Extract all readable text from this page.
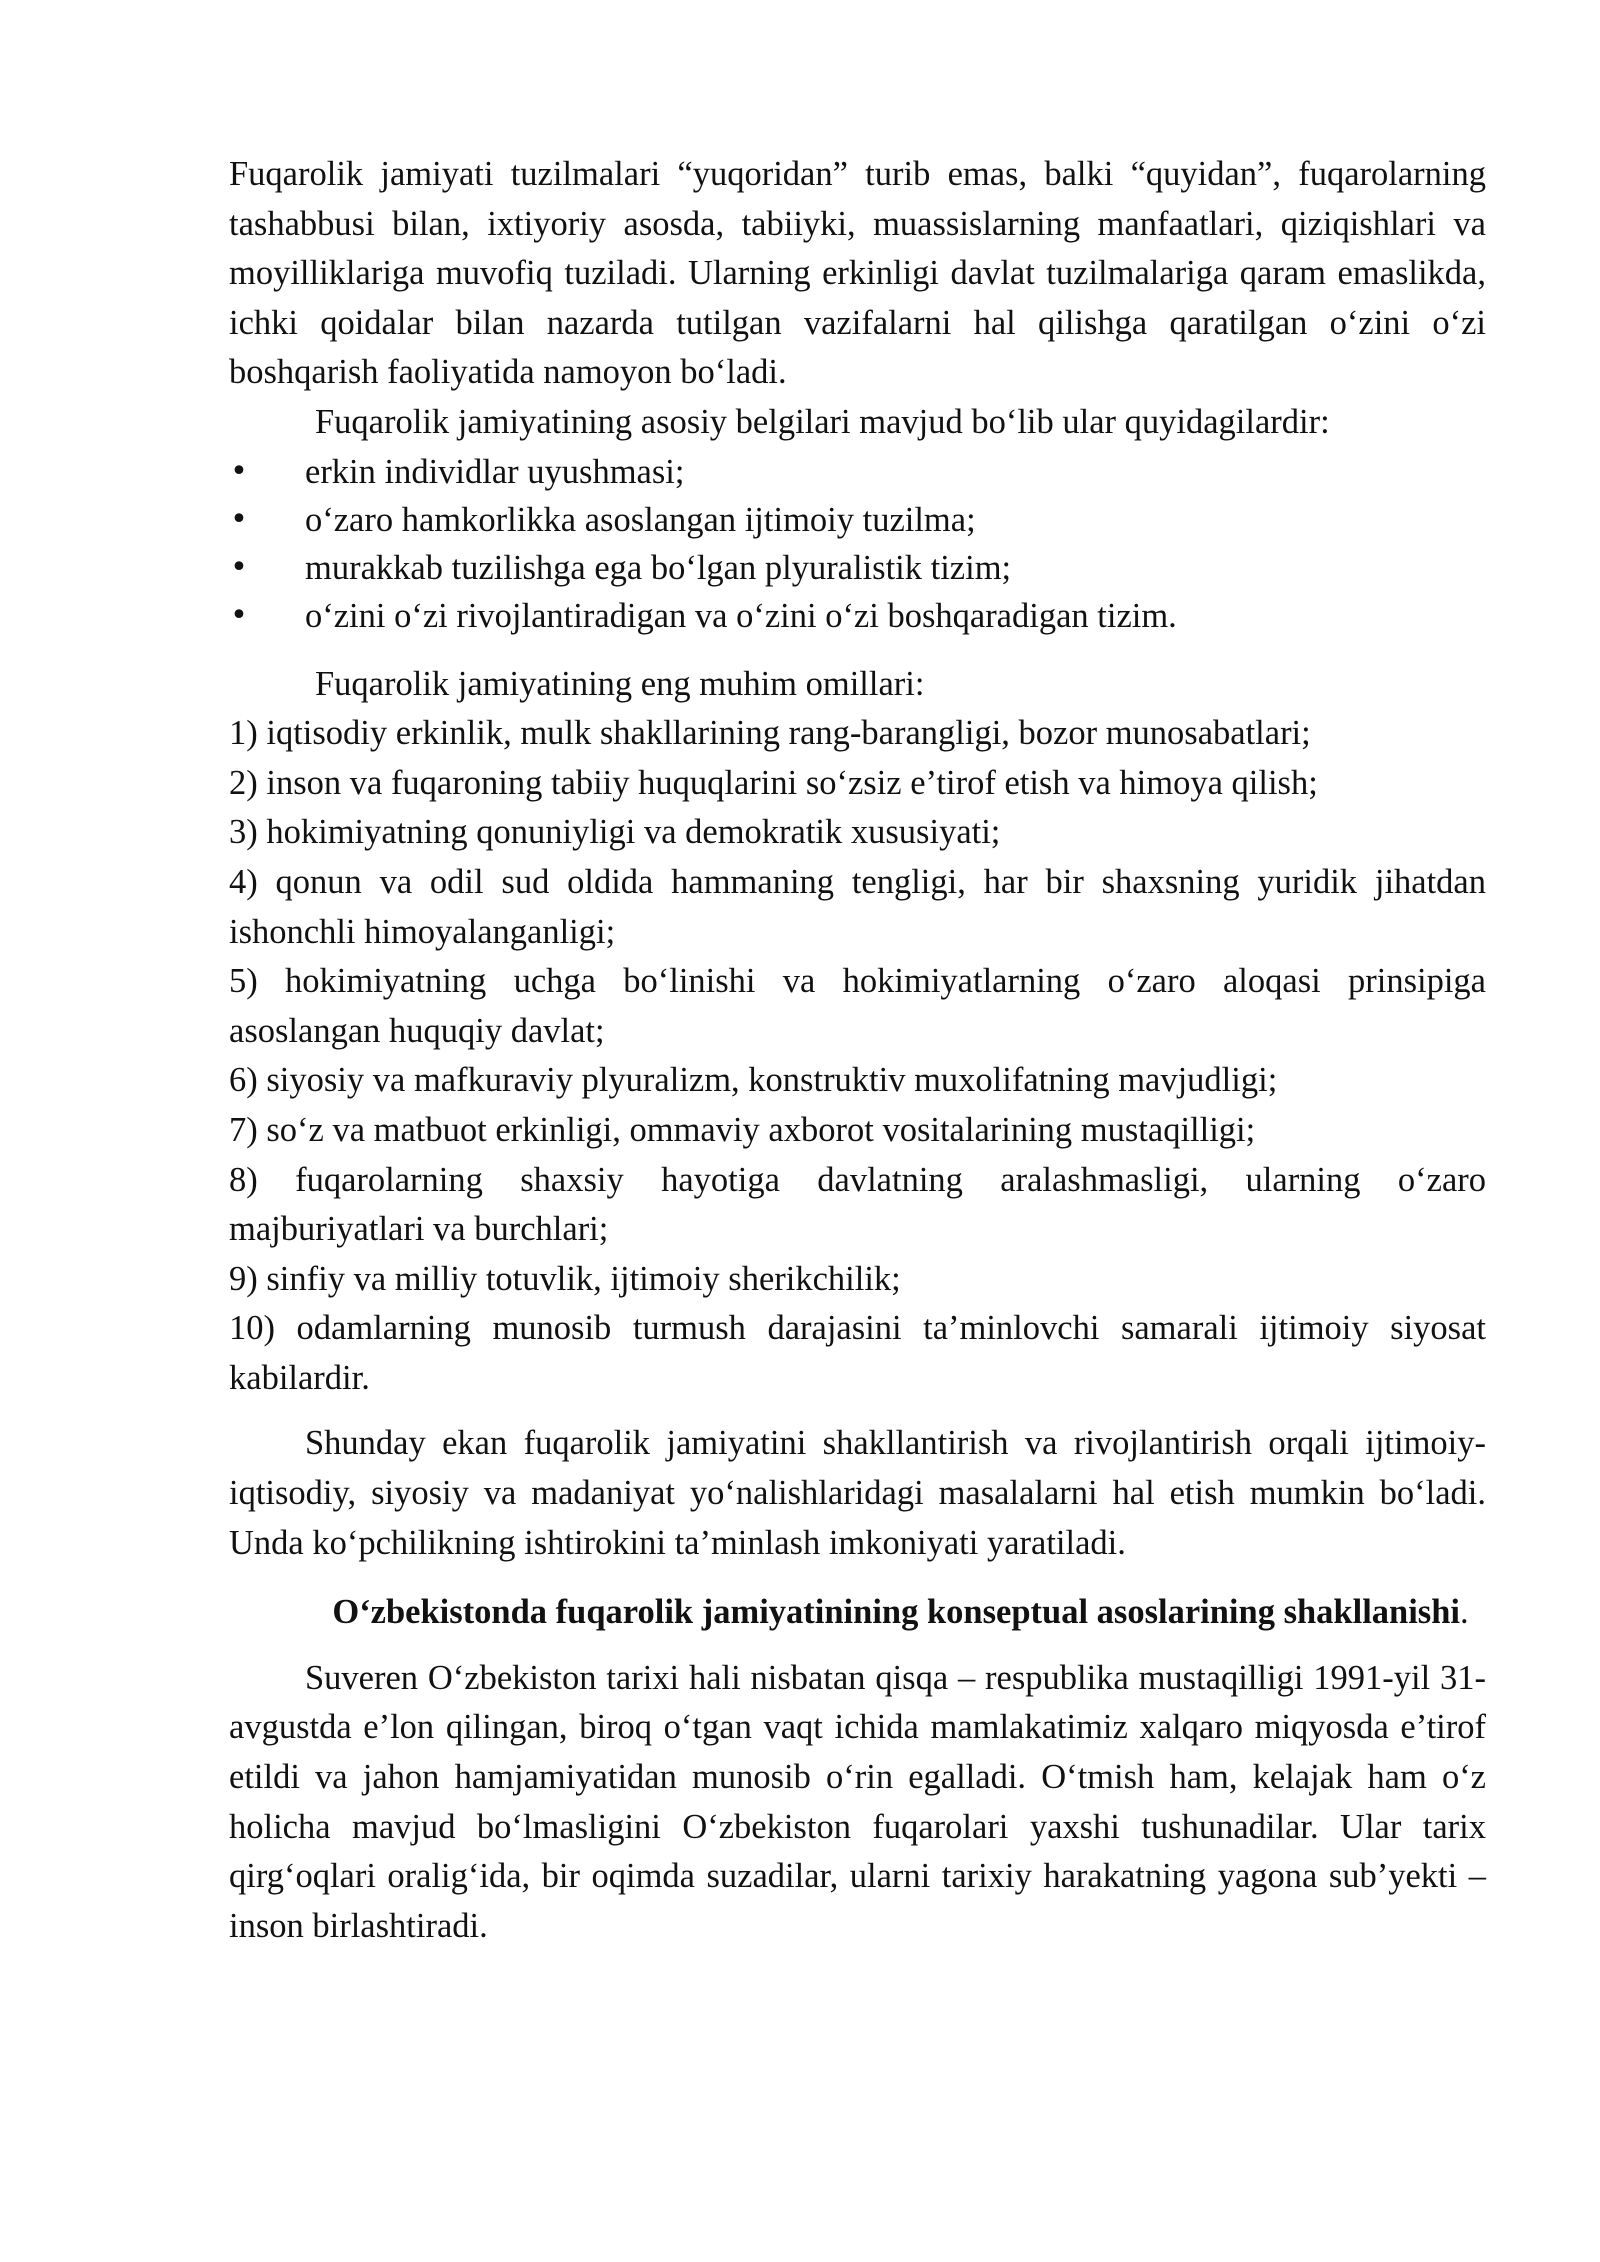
Fuqarolik jamiyati tuzilmalari “yuqoridan” turib emas, balki “quyidan”, fuqarolarning tashabbusi bilan, ixtiyoriy asosda, tabiiyki, muassislarning manfaatlari, qiziqishlari va moyilliklariga muvofiq tuziladi. Ularning erkinligi davlat tuzilmalariga qaram emaslikda, ichki qoidalar bilan nazarda tutilgan vazifalarni hal qilishga qaratilgan o‘zini o‘zi boshqarish faoliyatida namoyon bo‘ladi.

Fuqarolik jamiyatining asosiy belgilari mavjud bo‘lib ular quyidagilardir:

• erkin individlar uyushmasi;
• o‘zaro hamkorlikka asoslangan ijtimoiy tuzilma;
• murakkab tuzilishga ega bo‘lgan plyuralistik tizim;
• o‘zini o‘zi rivojlantiradigan va o‘zini o‘zi boshqaradigan tizim.

Fuqarolik jamiyatining eng muhim omillari:

1) iqtisodiy erkinlik, mulk shakllarining rang-barangligi, bozor munosabatlari;

2) inson va fuqaroning tabiiy huquqlarini so‘zsiz e’tirof etish va himoya qilish;

3) hokimiyatning qonuniyligi va demokratik xususiyati;

4) qonun va odil sud oldida hammaning tengligi, har bir shaxsning yuridik jihatdan ishonchli himoyalanganligi;

5) hokimiyatning uchga bo‘linishi va hokimiyatlarning o‘zaro aloqasi prinsipiga asoslangan huquqiy davlat;

6) siyosiy va mafkuraviy plyuralizm, konstruktiv muxolifatning mavjudligi;

7) so‘z va matbuot erkinligi, ommaviy axborot vositalarining mustaqilligi;

8) fuqarolarning shaxsiy hayotiga davlatning aralashmasligi, ularning o‘zaro majburiyatlari va burchlari;

9) sinfiy va milliy totuvlik, ijtimoiy sherikchilik;

10) odamlarning munosib turmush darajasini ta’minlovchi samarali ijtimoiy siyosat kabilardir.

Shunday ekan fuqarolik jamiyatini shakllantirish va rivojlantirish orqali ijtimoiy-iqtisodiy, siyosiy va madaniyat yo‘nalishlaridagi masalalarni hal etish mumkin bo‘ladi. Unda ko‘pchilikning ishtirokini ta’minlash imkoniyati yaratiladi.

O‘zbekistonda fuqarolik jamiyatinining konseptual asoslarining shakllanishi.

Suveren O‘zbekiston tarixi hali nisbatan qisqa – respublika mustaqilligi 1991-yil 31-avgustda e’lon qilingan, biroq o‘tgan vaqt ichida mamlakatimiz xalqaro miqyosda e’tirof etildi va jahon hamjamiyatidan munosib o‘rin egalladi. O‘tmish ham, kelajak ham o‘z holicha mavjud bo‘lmasligini O‘zbekiston fuqarolari yaxshi tushunadilar. Ular tarix qirg‘oqlari oralig‘ida, bir oqimda suzadilar, ularni tarixiy harakatning yagona sub’yekti – inson birlashtiradi.
